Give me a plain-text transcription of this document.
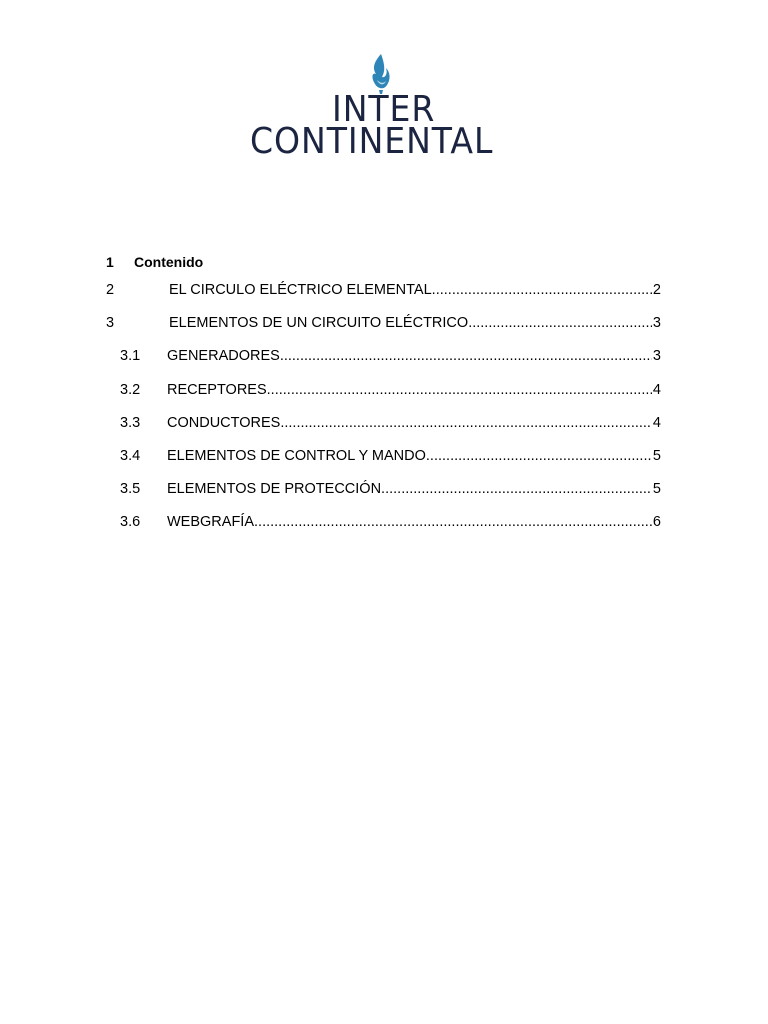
INTER
CONTINENTAL
1 Contenido
2	EL CIRCULO ELÉCTRICO ELEMENTAL .....	2
3	ELEMENTOS DE UN CIRCUITO ELÉCTRICO .....	3
3.1 GENERADORES .....	3
3.2 RECEPTORES .....	4
3.3 CONDUCTORES .....	4
3.4 ELEMENTOS DE CONTROL Y MANDO .....	5
3.5 ELEMENTOS DE PROTECCIÓN .....	5
3.6 WEBGRAFÍA .....	6
